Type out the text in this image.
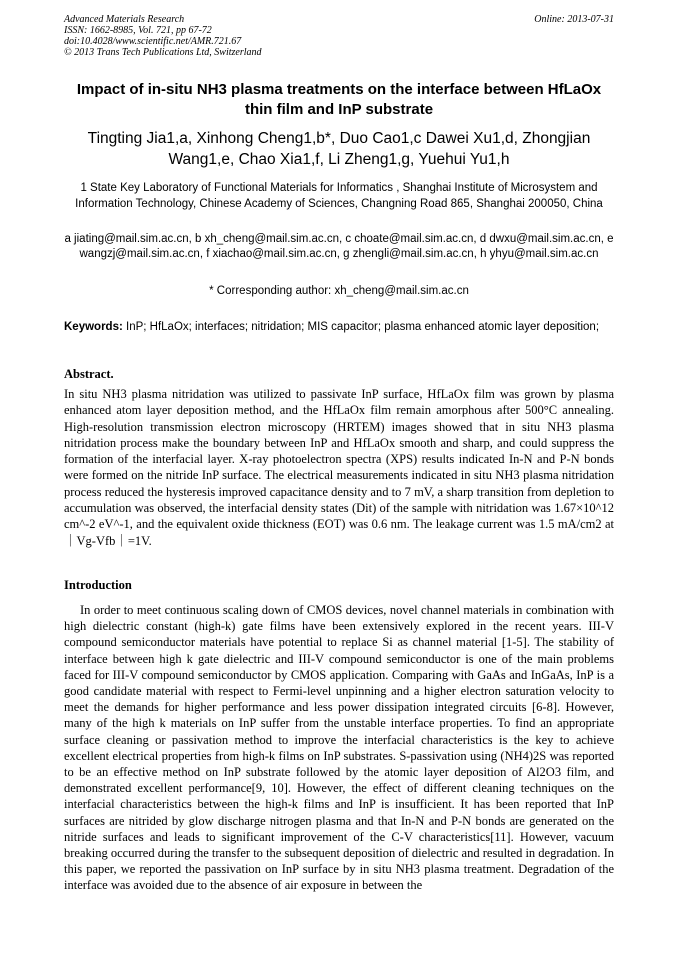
Advanced Materials Research
ISSN: 1662-8985, Vol. 721, pp 67-72
doi:10.4028/www.scientific.net/AMR.721.67
© 2013 Trans Tech Publications Ltd, Switzerland
Online: 2013-07-31
Impact of in-situ NH3 plasma treatments on the interface between HfLaOx thin film and InP substrate
Tingting Jia1,a, Xinhong Cheng1,b*, Duo Cao1,c Dawei Xu1,d, Zhongjian Wang1,e, Chao Xia1,f, Li Zheng1,g, Yuehui Yu1,h
1 State Key Laboratory of Functional Materials for Informatics , Shanghai Institute of Microsystem and Information Technology, Chinese Academy of Sciences, Changning Road 865, Shanghai 200050, China
a jiating@mail.sim.ac.cn, b xh_cheng@mail.sim.ac.cn, c choate@mail.sim.ac.cn, d dwxu@mail.sim.ac.cn, e wangzj@mail.sim.ac.cn, f xiachao@mail.sim.ac.cn, g zhengli@mail.sim.ac.cn, h yhyu@mail.sim.ac.cn
* Corresponding author: xh_cheng@mail.sim.ac.cn
Keywords: InP; HfLaOx; interfaces; nitridation; MIS capacitor; plasma enhanced atomic layer deposition;
Abstract.
In situ NH3 plasma nitridation was utilized to passivate InP surface, HfLaOx film was grown by plasma enhanced atom layer deposition method, and the HfLaOx film remain amorphous after 500°C annealing. High-resolution transmission electron microscopy (HRTEM) images showed that in situ NH3 plasma nitridation process make the boundary between InP and HfLaOx smooth and sharp, and could suppress the formation of the interfacial layer. X-ray photoelectron spectra (XPS) results indicated In-N and P-N bonds were formed on the nitride InP surface. The electrical measurements indicated in situ NH3 plasma nitridation process reduced the hysteresis improved capacitance density and to 7 mV, a sharp transition from depletion to accumulation was observed, the interfacial density states (Dit) of the sample with nitridation was 1.67×10^12 cm^-2 eV^-1, and the equivalent oxide thickness (EOT) was 0.6 nm. The leakage current was 1.5 mA/cm2 at ｜Vg-Vfb｜=1V.
Introduction
In order to meet continuous scaling down of CMOS devices, novel channel materials in combination with high dielectric constant (high-k) gate films have been extensively explored in the recent years. III-V compound semiconductor materials have potential to replace Si as channel material [1-5]. The stability of interface between high k gate dielectric and III-V compound semiconductor is one of the main problems faced for III-V compound semiconductor by CMOS application. Comparing with GaAs and InGaAs, InP is a good candidate material with respect to Fermi-level unpinning and a higher electron saturation velocity to meet the demands for higher performance and less power dissipation integrated circuits [6-8]. However, many of the high k materials on InP suffer from the unstable interface properties. To find an appropriate surface cleaning or passivation method to improve the interfacial characteristics is the key to achieve excellent electrical properties from high-k films on InP substrates. S-passivation using (NH4)2S was reported to be an effective method on InP substrate followed by the atomic layer deposition of Al2O3 film, and demonstrated excellent performance[9, 10]. However, the effect of different cleaning techniques on the interfacial characteristics between the high-k films and InP is insufficient. It has been reported that InP surfaces are nitrided by glow discharge nitrogen plasma and that In-N and P-N bonds are generated on the nitride surfaces and leads to significant improvement of the C-V characteristics[11]. However, vacuum breaking occurred during the transfer to the subsequent deposition of dielectric and resulted in degradation. In this paper, we reported the passivation on InP surface by in situ NH3 plasma treatment. Degradation of the interface was avoided due to the absence of air exposure in between the
